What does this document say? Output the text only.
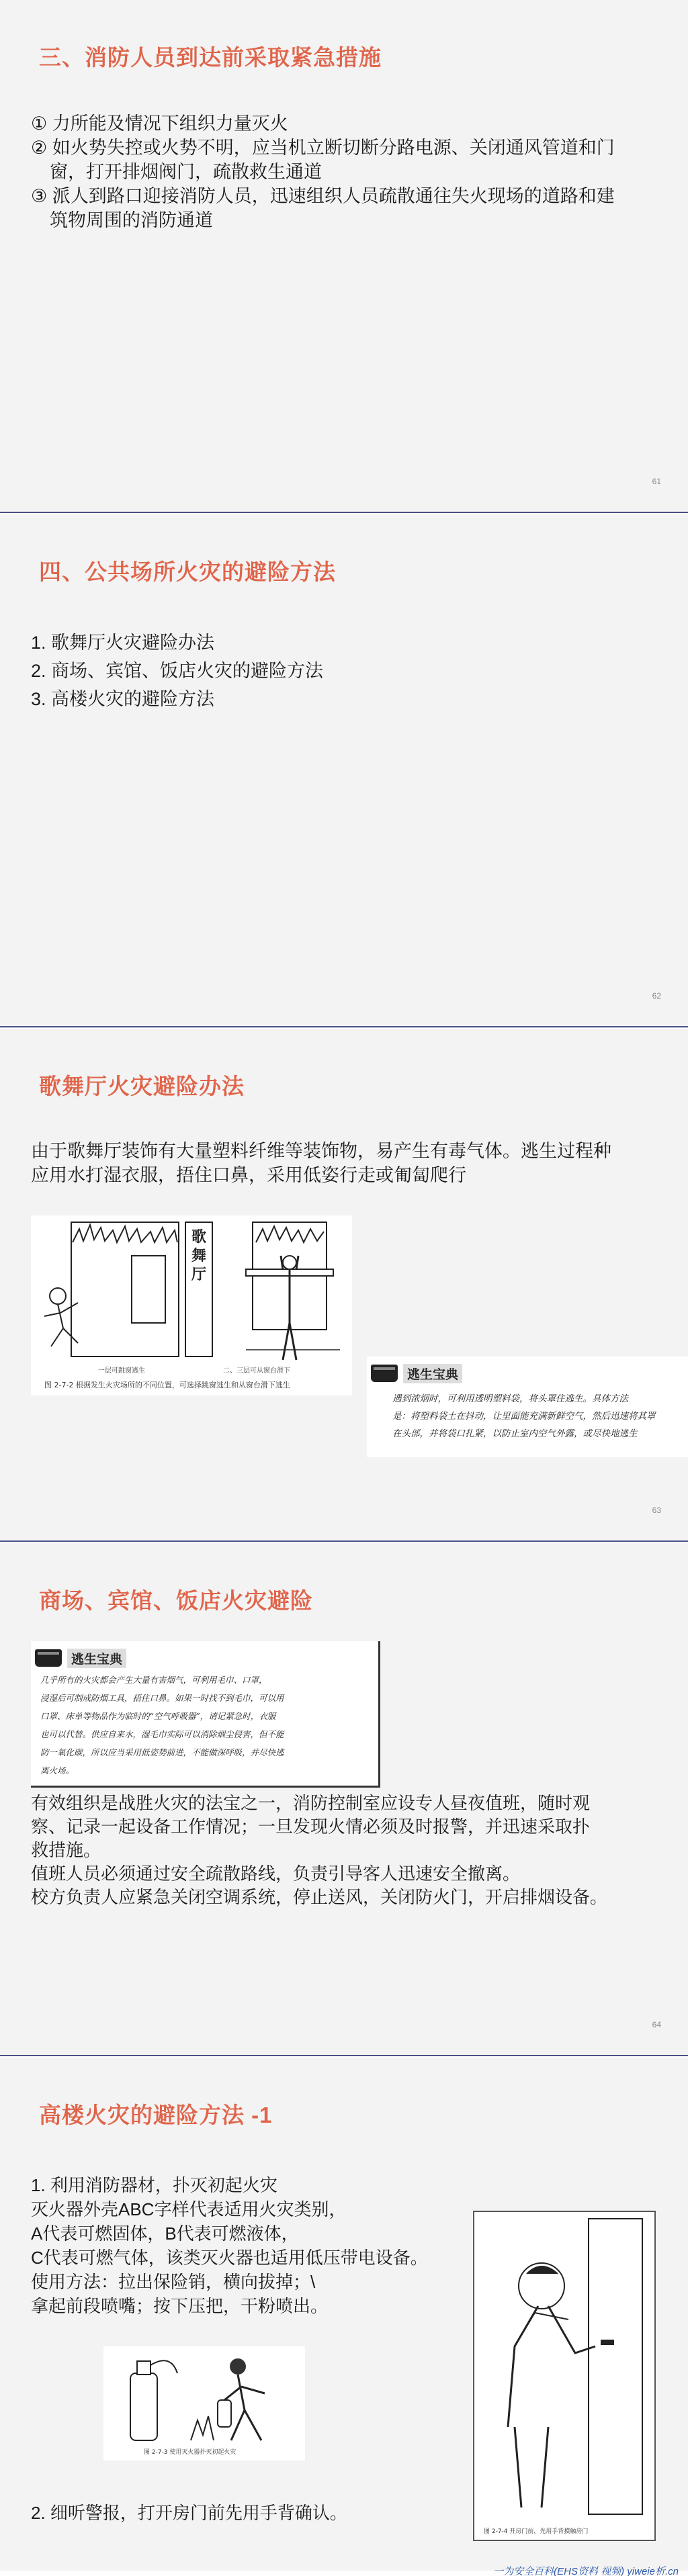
三、消防人员到达前采取紧急措施

① 力所能及情况下组织力量灭火

② 如火势失控或火势不明，应当机立断切断分路电源、关闭通风管道和门

窗，打开排烟阀门，疏散救生通道

③ 派人到路口迎接消防人员，迅速组织人员疏散通往失火现场的道路和建

筑物周围的消防通道

61
四、公共场所火灾的避险方法

1. 歌舞厅火灾避险办法

2. 商场、宾馆、饭店火灾的避险方法

3. 高楼火灾的避险方法

62
歌舞厅火灾避险办法

由于歌舞厅装饰有大量塑料纤维等装饰物，易产生有毒气体。逃生过程种

应用水打湿衣服，捂住口鼻，采用低姿行走或匍匐爬行

歌舞厅
一层可跳窗逃生	二、三层可从窗台滑下
图 2-7-2 根据发生火灾场所的不同位置，可选择跳窗逃生和从窗台滑下逃生
逃生宝典

遇到浓烟时，可利用透明塑料袋，将头罩住逃生。具体方法

是：将塑料袋土在抖动，让里面能充满新鲜空气，然后迅速将其罩

在头部，并将袋口扎紧，以防止室内空气外露，或尽快地逃生

63
商场、宾馆、饭店火灾避险
逃生宝典

几乎所有的火灾都会产生大量有害烟气，可利用毛巾、口罩，

浸湿后可制成防烟工具，捂住口鼻。如果一时找不到毛巾，可以用

口罩、床单等物品作为临时的“空气呼吸器”，请记紧急时，衣服

也可以代替。供应自来水，湿毛巾实际可以消除烟尘侵害，但不能

防一氧化碳，所以应当采用低姿势前进，不能做深呼吸，并尽快逃

离火场。

有效组织是战胜火灾的法宝之一，消防控制室应设专人昼夜值班，随时观

察、记录一起设备工作情况；一旦发现火情必须及时报警，并迅速采取扑

救措施。

值班人员必须通过安全疏散路线，负责引导客人迅速安全撤离。

校方负责人应紧急关闭空调系统，停止送风，关闭防火门，开启排烟设备。

64
高楼火灾的避险方法 -1

1. 利用消防器材，扑灭初起火灾

灭火器外壳ABC字样代表适用火灾类别，

A代表可燃固体，B代表可燃液体，

C代表可燃气体，该类灭火器也适用低压带电设备。

使用方法：拉出保险销，横向拔掉；\

拿起前段喷嘴；按下压把，干粉喷出。

图 2-7-3 使用灭火器扑灭初起火灾
2. 细听警报，打开房门前先用手背确认。
图 2-7-4 开房门前，先用手背摸触房门
一为安全百科(EHS资料 视频) yiweie析.cn
